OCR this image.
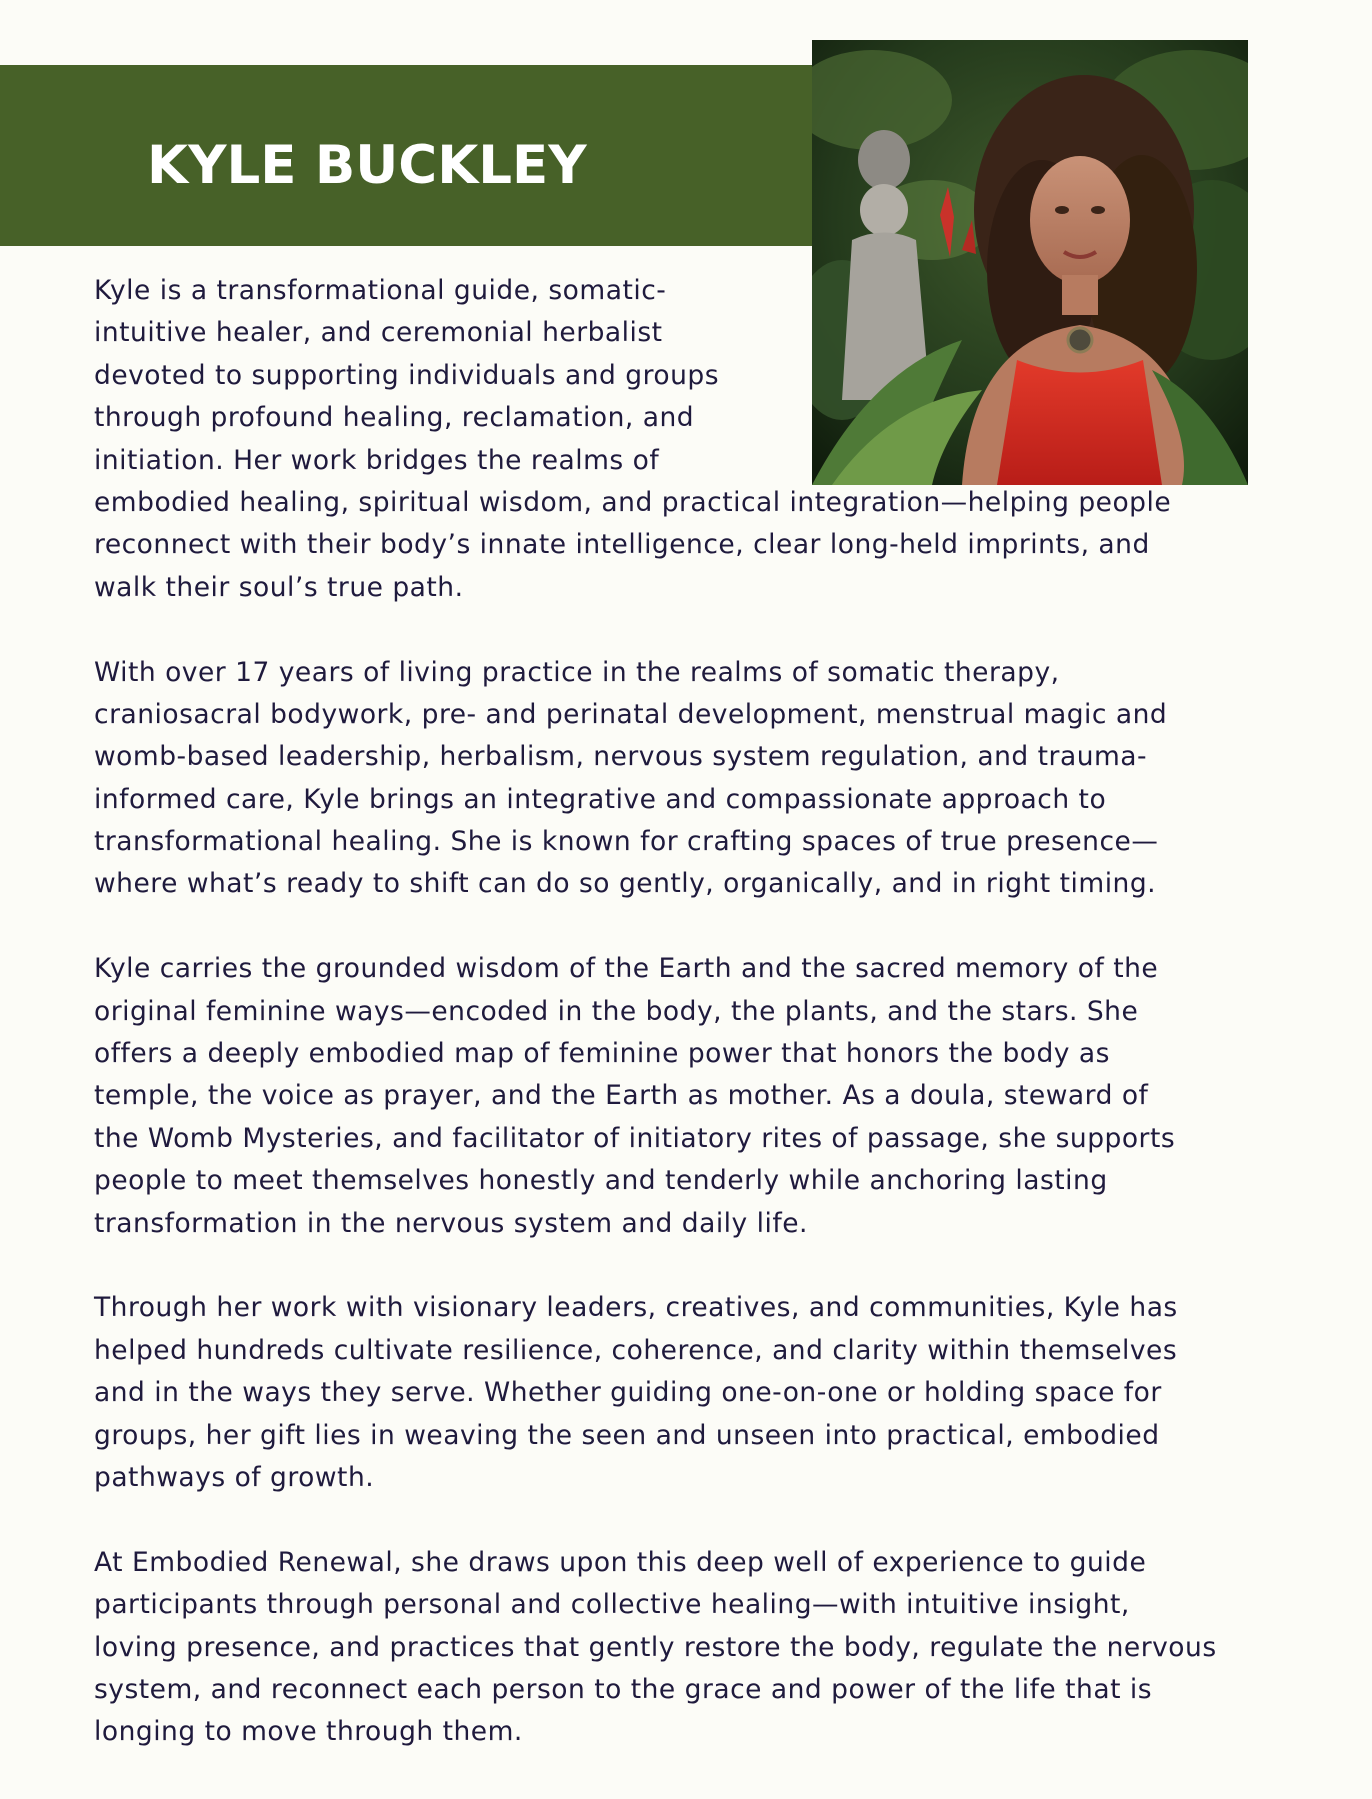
KYLE BUCKLEY
Kyle is a transformational guide, somatic-
intuitive healer, and ceremonial herbalist
devoted to supporting individuals and groups
through profound healing, reclamation, and
initiation. Her work bridges the realms of
embodied healing, spiritual wisdom, and practical integration—helping people
reconnect with their body’s innate intelligence, clear long-held imprints, and
walk their soul’s true path.
With over 17 years of living practice in the realms of somatic therapy,
craniosacral bodywork, pre- and perinatal development, menstrual magic and
womb-based leadership, herbalism, nervous system regulation, and trauma-
informed care, Kyle brings an integrative and compassionate approach to
transformational healing. She is known for crafting spaces of true presence—
where what’s ready to shift can do so gently, organically, and in right timing.
Kyle carries the grounded wisdom of the Earth and the sacred memory of the
original feminine ways—encoded in the body, the plants, and the stars. She
offers a deeply embodied map of feminine power that honors the body as
temple, the voice as prayer, and the Earth as mother. As a doula, steward of
the Womb Mysteries, and facilitator of initiatory rites of passage, she supports
people to meet themselves honestly and tenderly while anchoring lasting
transformation in the nervous system and daily life.
Through her work with visionary leaders, creatives, and communities, Kyle has
helped hundreds cultivate resilience, coherence, and clarity within themselves
and in the ways they serve. Whether guiding one-on-one or holding space for
groups, her gift lies in weaving the seen and unseen into practical, embodied
pathways of growth.
At Embodied Renewal, she draws upon this deep well of experience to guide
participants through personal and collective healing—with intuitive insight,
loving presence, and practices that gently restore the body, regulate the nervous
system, and reconnect each person to the grace and power of the life that is
longing to move through them.
